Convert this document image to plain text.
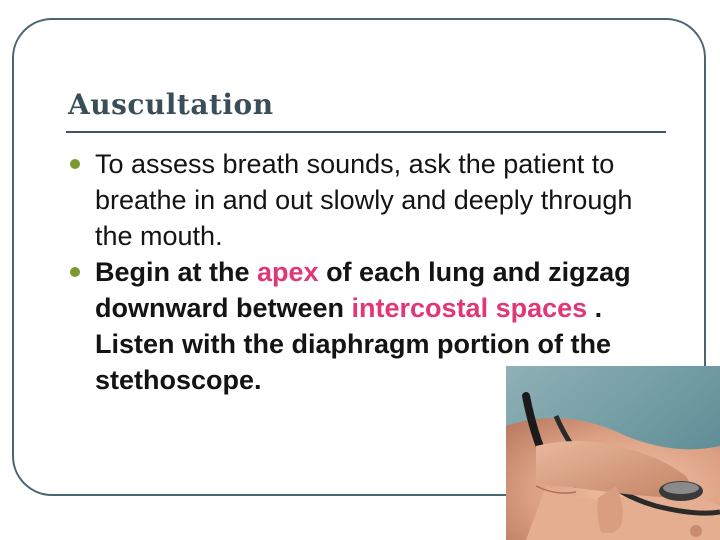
Auscultation
To assess breath sounds, ask the patient to breathe in and out slowly and deeply through the mouth.
Begin at the apex of each lung and zigzag downward between intercostal spaces . Listen with the diaphragm portion of the stethoscope.
